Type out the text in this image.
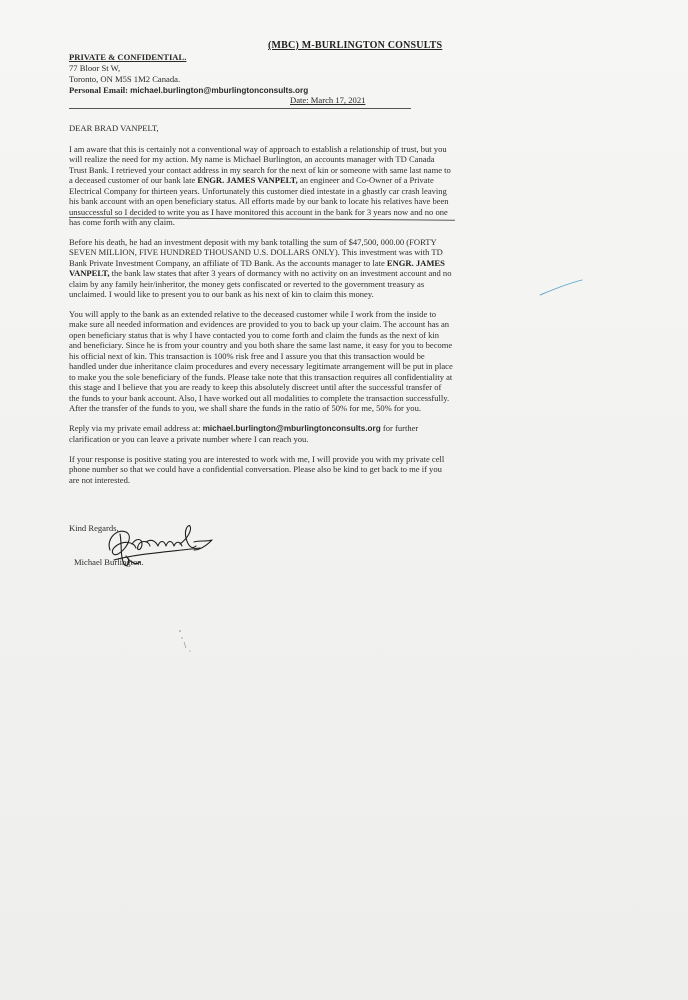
(MBC) M-BURLINGTON CONSULTS
PRIVATE & CONFIDENTIAL.
77 Bloor St W,
Toronto, ON M5S 1M2 Canada.
Personal Email: michael.burlington@mburlingtonconsults.org
Date: March 17, 2021

DEAR BRAD VANPELT,

I am aware that this is certainly not a conventional way of approach to establish a relationship of trust, but you will realize the need for my action. My name is Michael Burlington, an accounts manager with TD Canada Trust Bank. I retrieved your contact address in my search for the next of kin or someone with same last name to a deceased customer of our bank late ENGR. JAMES VANPELT, an engineer and Co-Owner of a Private Electrical Company for thirteen years. Unfortunately this customer died intestate in a ghastly car crash leaving his bank account with an open beneficiary status. All efforts made by our bank to locate his relatives have been unsuccessful so I decided to write you as I have monitored this account in the bank for 3 years now and no one has come forth with any claim.

Before his death, he had an investment deposit with my bank totalling the sum of $47,500, 000.00 (FORTY SEVEN MILLION, FIVE HUNDRED THOUSAND U.S. DOLLARS ONLY). This investment was with TD Bank Private Investment Company, an affiliate of TD Bank. As the accounts manager to late ENGR. JAMES VANPELT, the bank law states that after 3 years of dormancy with no activity on an investment account and no claim by any family heir/inheritor, the money gets confiscated or reverted to the government treasury as unclaimed. I would like to present you to our bank as his next of kin to claim this money.

You will apply to the bank as an extended relative to the deceased customer while I work from the inside to make sure all needed information and evidences are provided to you to back up your claim. The account has an open beneficiary status that is why I have contacted you to come forth and claim the funds as the next of kin and beneficiary. Since he is from your country and you both share the same last name, it easy for you to become his official next of kin. This transaction is 100% risk free and I assure you that this transaction would be handled under due inheritance claim procedures and every necessary legitimate arrangement will be put in place to make you the sole beneficiary of the funds. Please take note that this transaction requires all confidentiality at this stage and I believe that you are ready to keep this absolutely discreet until after the successful transfer of the funds to your bank account. Also, I have worked out all modalities to complete the transaction successfully. After the transfer of the funds to you, we shall share the funds in the ratio of 50% for me, 50% for you.

Reply via my private email address at: michael.burlington@mburlingtonconsults.org for further clarification or you can leave a private number where I can reach you.

If your response is positive stating you are interested to work with me, I will provide you with my private cell phone number so that we could have a confidential conversation. Please also be kind to get back to me if you are not interested.

Kind Regards,
Michael Burlington.
